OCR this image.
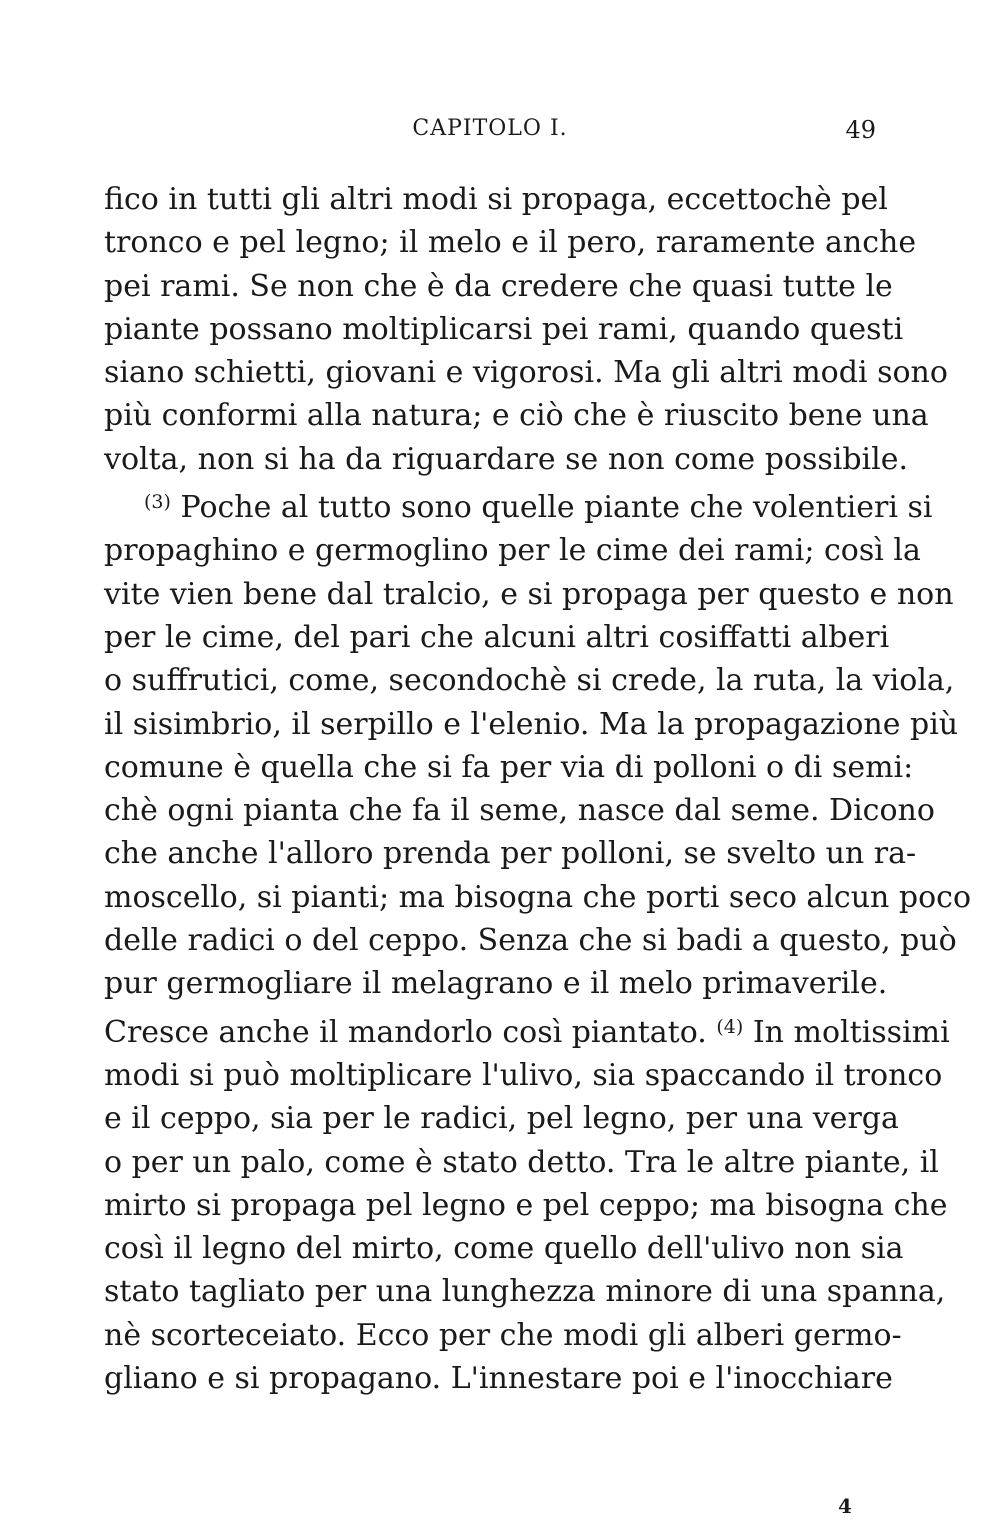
CAPITOLO I.	49
fico in tutti gli altri modi si propaga, eccettochè pel
tronco e pel legno; il melo e il pero, raramente anche
pei rami. Se non che è da credere che quasi tutte le
piante possano moltiplicarsi pei rami, quando questi
siano schietti, giovani e vigorosi. Ma gli altri modi sono
più conformi alla natura; e ciò che è riuscito bene una
volta, non si ha da riguardare se non come possibile.
$^{(3)}$ Poche al tutto sono quelle piante che volentieri si
propaghino e germoglino per le cime dei rami; così la
vite vien bene dal tralcio, e si propaga per questo e non
per le cime, del pari che alcuni altri cosiffatti alberi
o suffrutici, come, secondochè si crede, la ruta, la viola,
il sisimbrio, il serpillo e l'elenio. Ma la propagazione più
comune è quella che si fa per via di polloni o di semi:
chè ogni pianta che fa il seme, nasce dal seme. Dicono
che anche l'alloro prenda per polloni, se svelto un ra-
moscello, si pianti; ma bisogna che porti seco alcun poco
delle radici o del ceppo. Senza che si badi a questo, può
pur germogliare il melagrano e il melo primaverile.
Cresce anche il mandorlo così piantato. $^{(4)}$ In moltissimi
modi si può moltiplicare l'ulivo, sia spaccando il tronco
e il ceppo, sia per le radici, pel legno, per una verga
o per un palo, come è stato detto. Tra le altre piante, il
mirto si propaga pel legno e pel ceppo; ma bisogna che
così il legno del mirto, come quello dell'ulivo non sia
stato tagliato per una lunghezza minore di una spanna,
nè scorteceiato. Ecco per che modi gli alberi germo-
gliano e si propagano. L'innestare poi e l'inocchiare
4
